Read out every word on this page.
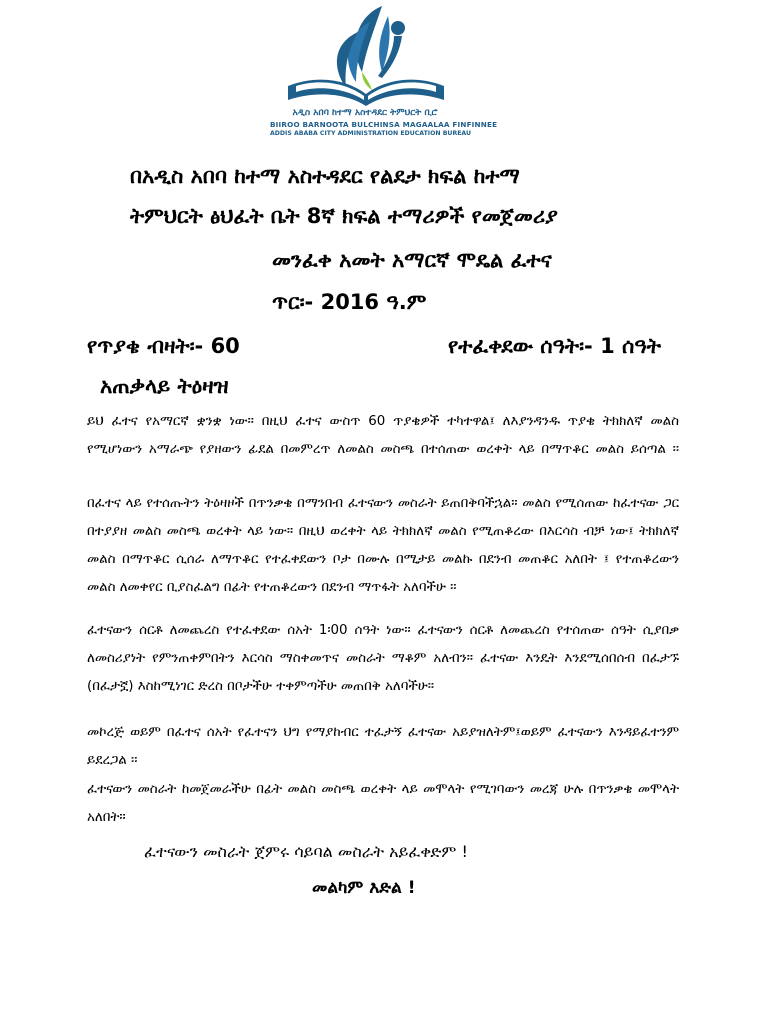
አዲስ አበባ ከተማ አስተዳደር ትምህርት ቢሮ
BIIROO BARNOOTA BULCHINSA MAGAALAA FINFINNEE
ADDIS ABABA CITY ADMINISTRATION EDUCATION BUREAU
በአዲስ አበባ ከተማ አስተዳደር የልደታ ክፍል ከተማ
ትምህርት ፅህፈት ቤት 8ኛ ክፍል ተማሪዎች የመጀመሪያ
መንፈቀ አመት አማርኛ ሞዴል ፈተና
ጥር፡- 2016 ዓ.ም
የጥያቄ ብዛት፡- 60	የተፈቀደው ሰዓት፡- 1 ሰዓት
አጠቃላይ ትዕዛዝ
ይህ ፈተና የአማርኛ ቋንቋ ነው። በዚህ ፈተና ውስጥ 60 ጥያቄዎች ተካተዋል፤ ለእያንዳንዱ ጥያቄ ትክክለኛ መልስ የሚሆነውን አማራጭ የያዘውን ፊደል በመምረጥ ለመልስ መስጫ በተሰጠው ወረቀት ላይ በማጥቆር መልስ ይሰጣል ፡፡
በፈተና ላይ የተሰጡትን ትዕዛዞች በጥንቃቄ በማንበብ ፈተናውን መስራት ይጠበቅባችኋል። መልስ የሚሰጠው ከፈተናው ጋር በተያያዘ መልስ መስጫ ወረቀት ላይ ነው። በዚህ ወረቀት ላይ ትክክለኛ መልስ የሚጠቆረው በእርሳስ ብቻ ነው፤ ትክክለኛ መልስ በማጥቆር ሲሰራ ለማጥቆር የተፈቀደውን ቦታ በሙሉ በሚታይ መልኩ በደንብ መጠቆር አለበት ፤ የተጠቆረውን መልስ ለመቀየር ቢያስፈልግ በፊት የተጠቆረውን በደንብ ማጥፋት አለባችሁ ፡፡
ፈተናውን ሰርቶ ለመጨረስ የተፈቀደው ሰአት 1፡00 ሰዓት ነው። ፈተናውን ሰርቶ ለመጨረስ የተሰጠው ሰዓት ሲያበቃ ለመስሪያነት የምንጠቀምበትን እርሳስ ማስቀመጥና መስራት ማቆም አለብን። ፈተናው እንዴት እንደሚሰበሰብ በፈታኙ (በፈታኟ) እስከሚነገር ድረስ በቦታችሁ ተቀምጣችሁ መጠበቅ አለባችሁ፡፡
መኮረጅ ወይም በፈተና ሰአት የፈተናን ህግ የማያከብር ተፈታኝ ፈተናው አይያዝለትም፤ወይም ፈተናውን እንዳይፈተንም ይደረጋል ፡፡
ፈተናውን መስራት ከመጀመራችሁ በፊት መልስ መስጫ ወረቀት ላይ መሞላት የሚገባውን መረጃ ሁሉ በጥንቃቄ መሞላት አለበት።
ፈተናውን መስራት ጀምሩ ሳይባል መስራት አይፈቀድም !
መልካም እድል !
